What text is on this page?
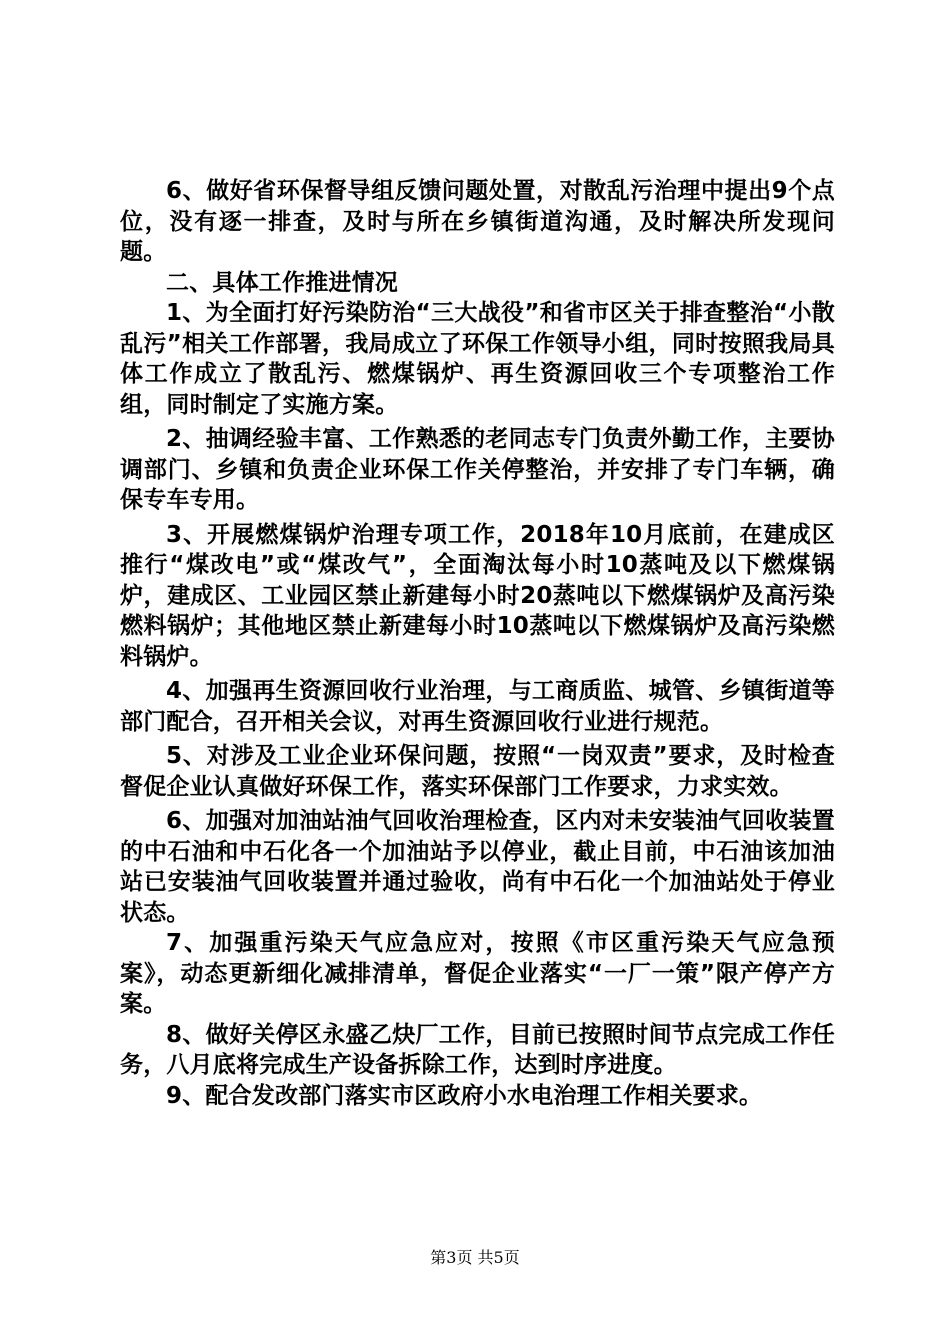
6、做好省环保督导组反馈问题处置，对散乱污治理中提出9个点位，没有逐一排查，及时与所在乡镇街道沟通，及时解决所发现问题。

二、具体工作推进情况

1、为全面打好污染防治“三大战役”和省市区关于排查整治“小散乱污”相关工作部署，我局成立了环保工作领导小组，同时按照我局具体工作成立了散乱污、燃煤锅炉、再生资源回收三个专项整治工作组，同时制定了实施方案。

2、抽调经验丰富、工作熟悉的老同志专门负责外勤工作，主要协调部门、乡镇和负责企业环保工作关停整治，并安排了专门车辆，确保专车专用。

3、开展燃煤锅炉治理专项工作，2018年10月底前，在建成区推行“煤改电”或“煤改气”，全面淘汰每小时10蒸吨及以下燃煤锅炉，建成区、工业园区禁止新建每小时20蒸吨以下燃煤锅炉及高污染燃料锅炉；其他地区禁止新建每小时10蒸吨以下燃煤锅炉及高污染燃料锅炉。

4、加强再生资源回收行业治理，与工商质监、城管、乡镇街道等部门配合，召开相关会议，对再生资源回收行业进行规范。

5、对涉及工业企业环保问题，按照“一岗双责”要求，及时检查督促企业认真做好环保工作，落实环保部门工作要求，力求实效。

6、加强对加油站油气回收治理检查，区内对未安装油气回收装置的中石油和中石化各一个加油站予以停业，截止目前，中石油该加油站已安装油气回收装置并通过验收，尚有中石化一个加油站处于停业状态。

7、加强重污染天气应急应对，按照《市区重污染天气应急预案》，动态更新细化减排清单，督促企业落实“一厂一策”限产停产方案。

8、做好关停区永盛乙炔厂工作，目前已按照时间节点完成工作任务，八月底将完成生产设备拆除工作，达到时序进度。

9、配合发改部门落实市区政府小水电治理工作相关要求。

第3页 共5页
